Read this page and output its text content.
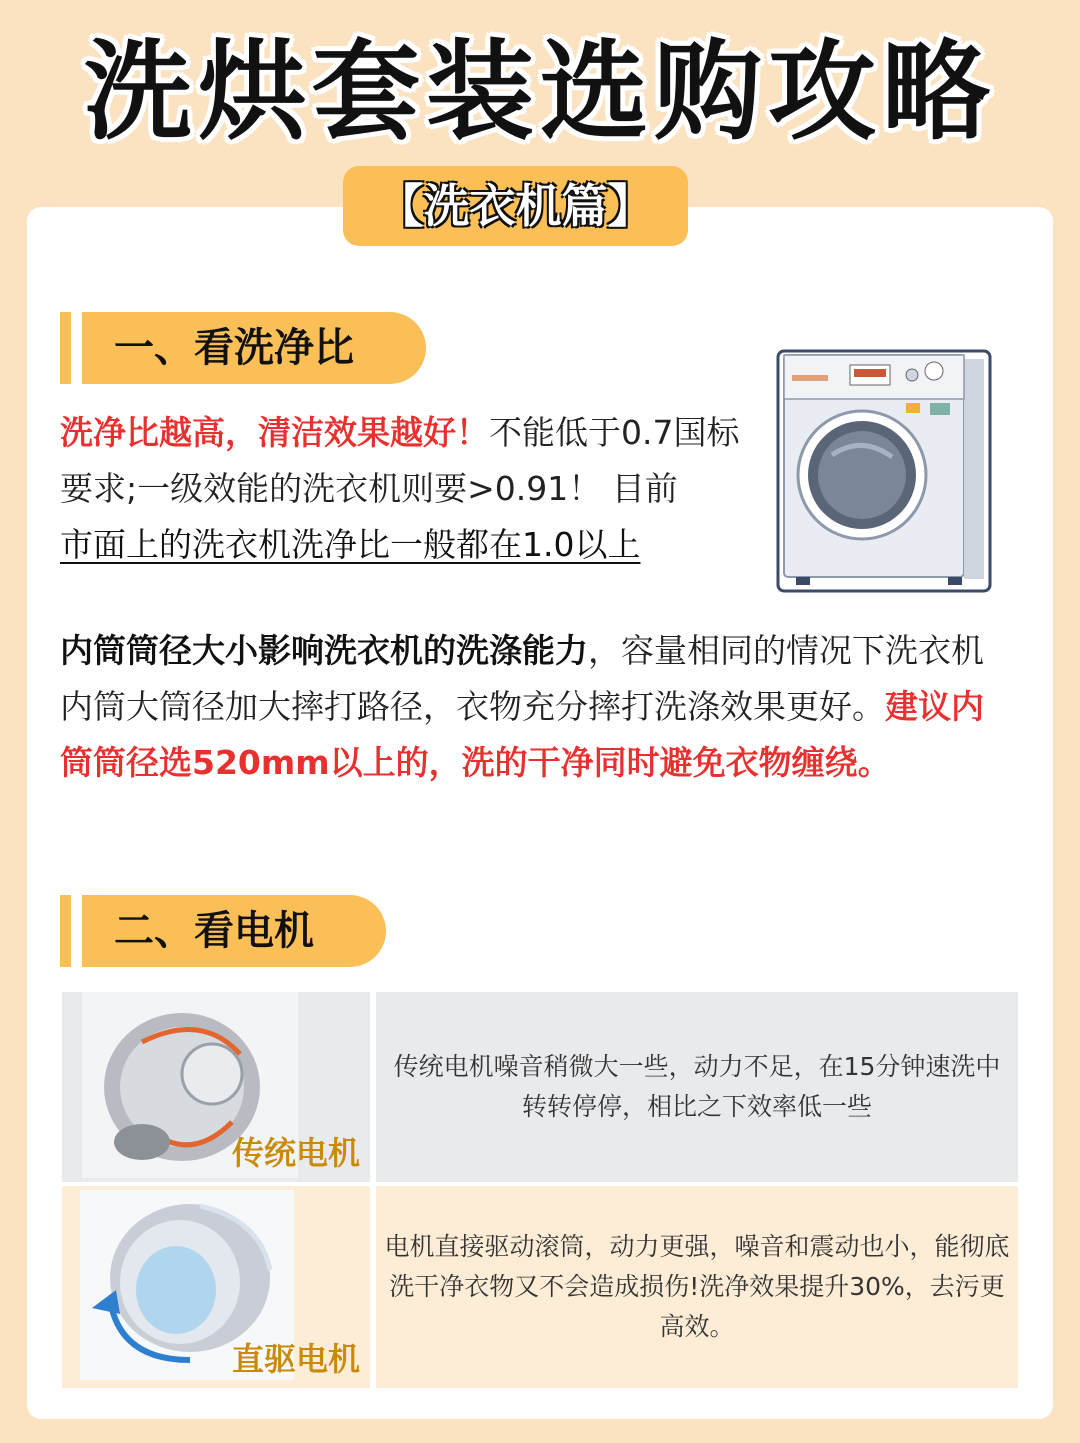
洗烘套装选购攻略
【洗衣机篇】
一、看洗净比
洗净比越高，清洁效果越好！不能低于0.7国标要求;一级效能的洗衣机则要>0.91！ 目前
市面上的洗衣机洗净比一般都在1.0以上
内筒筒径大小影响洗衣机的洗涤能力，容量相同的情况下洗衣机内筒大筒径加大摔打路径，衣物充分摔打洗涤效果更好。建议内筒筒径选520mm以上的，洗的干净同时避免衣物缠绕。
二、看电机
传统电机
传统电机噪音稍微大一些，动力不足，在15分钟速洗中转转停停，相比之下效率低一些
直驱电机
电机直接驱动滚筒，动力更强，噪音和震动也小，能彻底洗干净衣物又不会造成损伤!洗净效果提升30%，去污更高效。
